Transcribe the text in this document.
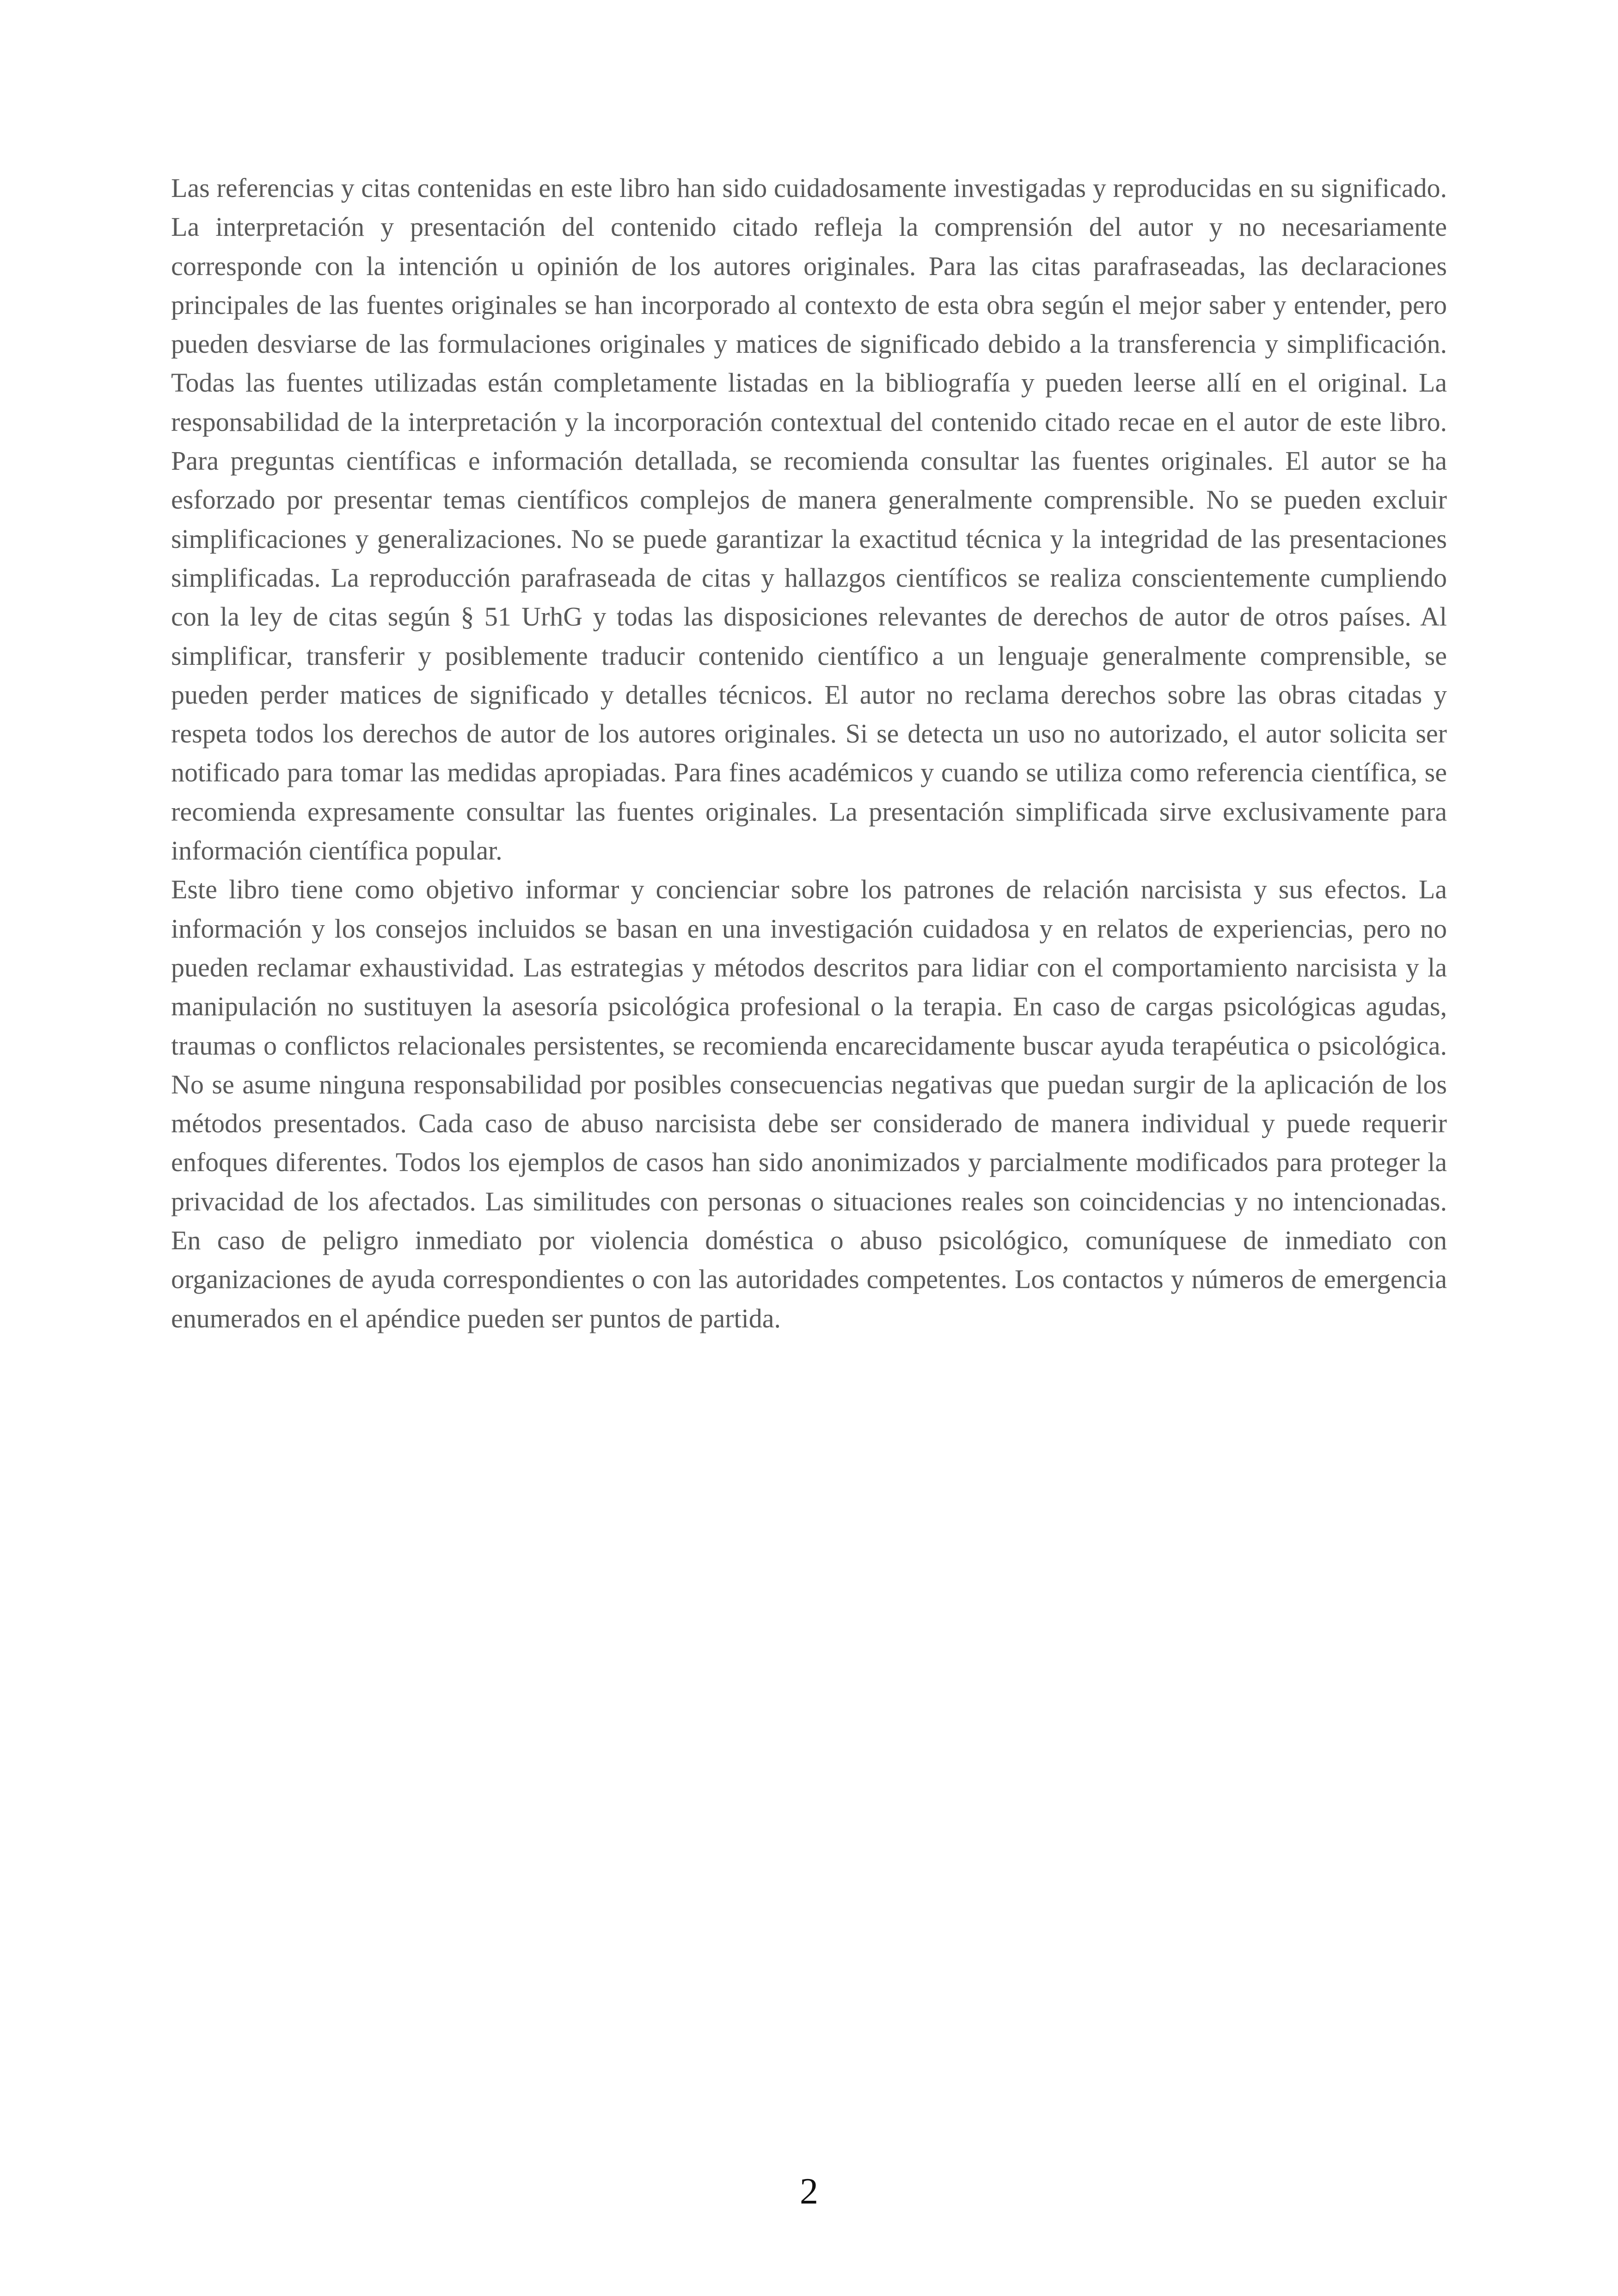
Las referencias y citas contenidas en este libro han sido cuidadosamente investigadas y reproducidas en su significado. La interpretación y presentación del contenido citado refleja la comprensión del autor y no necesariamente corresponde con la intención u opinión de los autores originales. Para las citas parafraseadas, las declaraciones principales de las fuentes originales se han incorporado al contexto de esta obra según el mejor saber y entender, pero pueden desviarse de las formulaciones originales y matices de significado debido a la transferencia y simplificación. Todas las fuentes utilizadas están completamente listadas en la bibliografía y pueden leerse allí en el original. La responsabilidad de la interpretación y la incorporación contextual del contenido citado recae en el autor de este libro. Para preguntas científicas e información detallada, se recomienda consultar las fuentes originales. El autor se ha esforzado por presentar temas científicos complejos de manera generalmente comprensible. No se pueden excluir simplificaciones y generalizaciones. No se puede garantizar la exactitud técnica y la integridad de las presentaciones simplificadas. La reproducción parafraseada de citas y hallazgos científicos se realiza conscientemente cumpliendo con la ley de citas según § 51 UrhG y todas las disposiciones relevantes de derechos de autor de otros países. Al simplificar, transferir y posiblemente traducir contenido científico a un lenguaje generalmente comprensible, se pueden perder matices de significado y detalles técnicos. El autor no reclama derechos sobre las obras citadas y respeta todos los derechos de autor de los autores originales. Si se detecta un uso no autorizado, el autor solicita ser notificado para tomar las medidas apropiadas. Para fines académicos y cuando se utiliza como referencia científica, se recomienda expresamente consultar las fuentes originales. La presentación simplificada sirve exclusivamente para información científica popular.

Este libro tiene como objetivo informar y concienciar sobre los patrones de relación narcisista y sus efectos. La información y los consejos incluidos se basan en una investigación cuidadosa y en relatos de experiencias, pero no pueden reclamar exhaustividad. Las estrategias y métodos descritos para lidiar con el comportamiento narcisista y la manipulación no sustituyen la asesoría psicológica profesional o la terapia. En caso de cargas psicológicas agudas, traumas o conflictos relacionales persistentes, se recomienda encarecidamente buscar ayuda terapéutica o psicológica. No se asume ninguna responsabilidad por posibles consecuencias negativas que puedan surgir de la aplicación de los métodos presentados. Cada caso de abuso narcisista debe ser considerado de manera individual y puede requerir enfoques diferentes. Todos los ejemplos de casos han sido anonimizados y parcialmente modificados para proteger la privacidad de los afectados. Las similitudes con personas o situaciones reales son coincidencias y no intencionadas. En caso de peligro inmediato por violencia doméstica o abuso psicológico, comuníquese de inmediato con organizaciones de ayuda correspondientes o con las autoridades competentes. Los contactos y números de emergencia enumerados en el apéndice pueden ser puntos de partida.

2
